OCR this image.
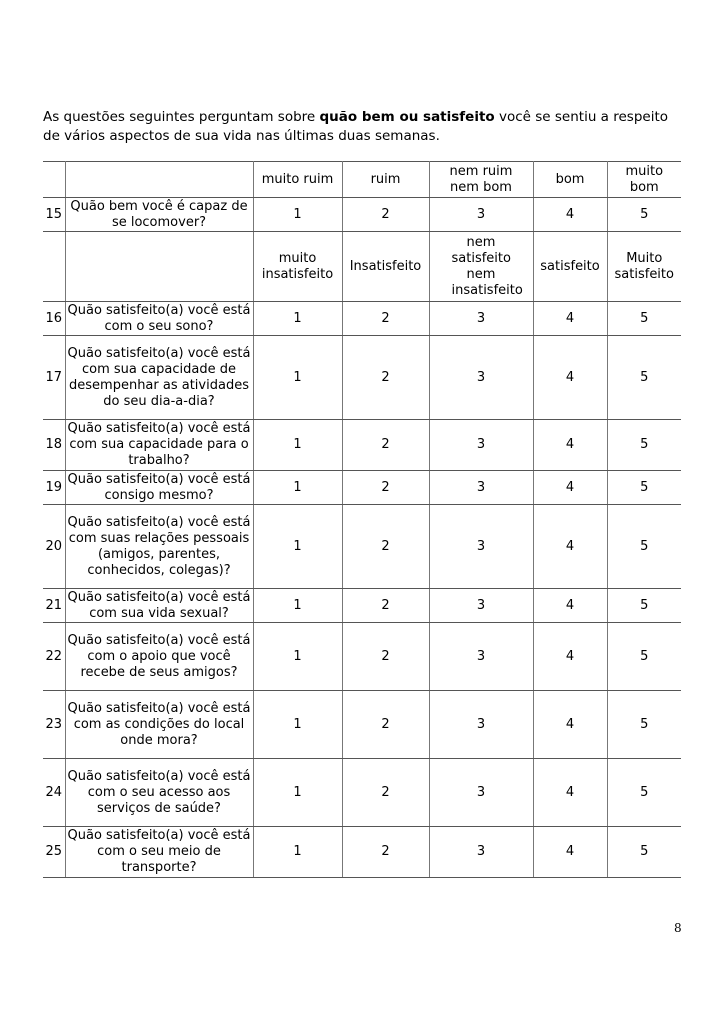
As questões seguintes perguntam sobre quão bem ou satisfeito você se sentiu a respeito de vários aspectos de sua vida nas últimas duas semanas.
		muito ruim	ruim	nem ruim nem bom	bom	muito bom
15	Quão bem você é capaz de se locomover?	1	2	3	4	5
		muito insatisfeito	Insatisfeito	nem satisfeito nem insatisfeito	satisfeito	Muito satisfeito
16	Quão satisfeito(a) você está com o seu sono?	1	2	3	4	5
17	Quão satisfeito(a) você está com sua capacidade de desempenhar as atividades do seu dia-a-dia?	1	2	3	4	5
18	Quão satisfeito(a) você está com sua capacidade para o trabalho?	1	2	3	4	5
19	Quão satisfeito(a) você está consigo mesmo?	1	2	3	4	5
20	Quão satisfeito(a) você está com suas relações pessoais (amigos, parentes, conhecidos, colegas)?	1	2	3	4	5
21	Quão satisfeito(a) você está com sua vida sexual?	1	2	3	4	5
22	Quão satisfeito(a) você está com o apoio que você recebe de seus amigos?	1	2	3	4	5
23	Quão satisfeito(a) você está com as condições do local onde mora?	1	2	3	4	5
24	Quão satisfeito(a) você está com o seu acesso aos serviços de saúde?	1	2	3	4	5
25	Quão satisfeito(a) você está com o seu meio de transporte?	1	2	3	4	5
8
